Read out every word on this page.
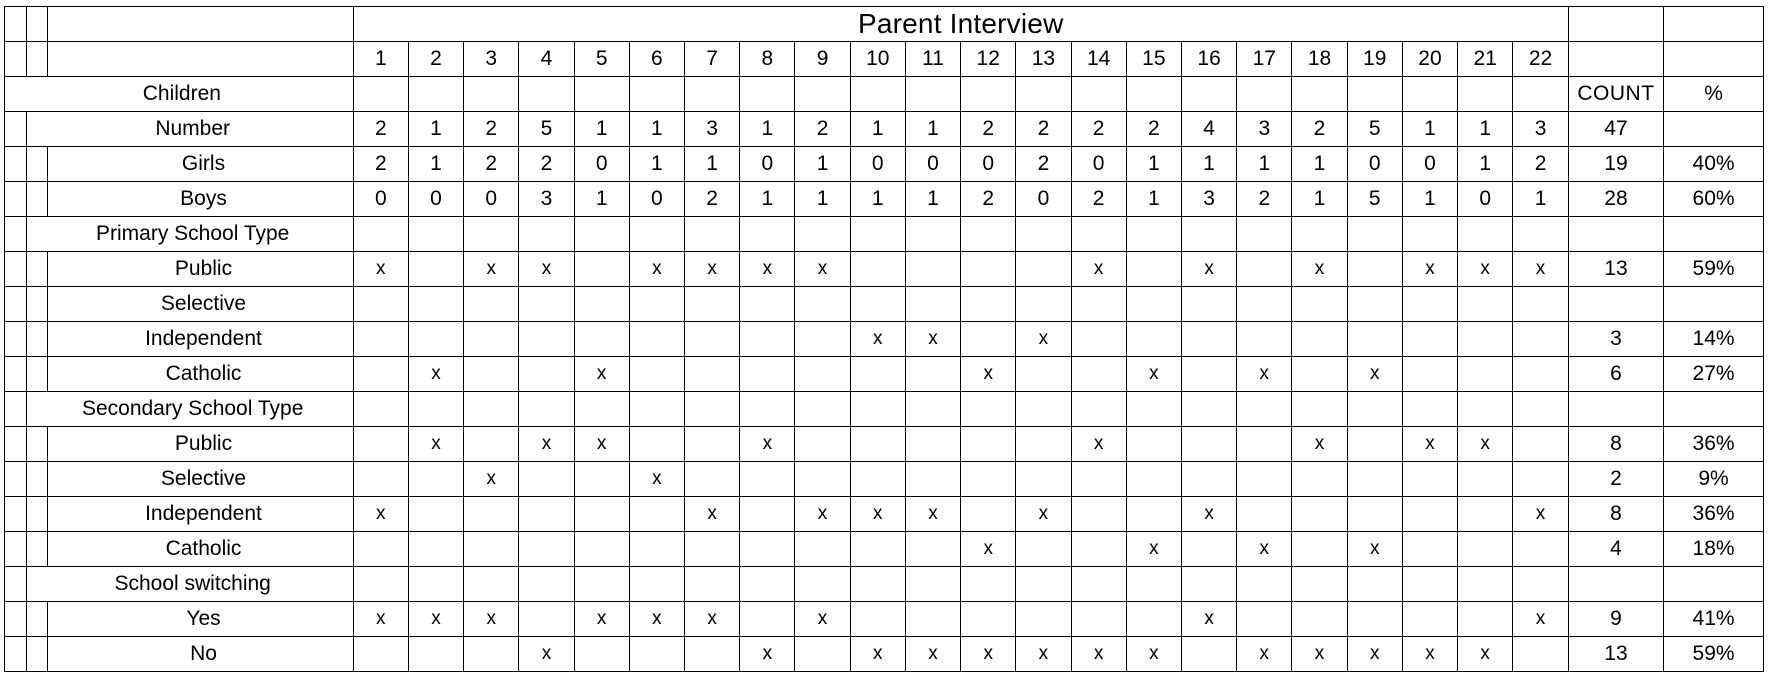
			Parent Interview																							
			1	2	3	4	5	6	7	8	9	10	11	12	13	14	15	16	17	18	19	20	21	22		
Children																									COUNT	%
	Number		2	1	2	5	1	1	3	1	2	1	1	2	2	2	2	4	3	2	5	1	1	3	47	
		Girls	2	1	2	2	0	1	1	0	1	0	0	0	2	0	1	1	1	1	0	0	1	2	19	40%
		Boys	0	0	0	3	1	0	2	1	1	1	1	2	0	2	1	3	2	1	5	1	0	1	28	60%
	Primary School Type																									
		Public	x		x	x		x	x	x	x					x		x		x		x	x	x	13	59%
		Selective																								
		Independent										x	x		x										3	14%
		Catholic		x			x							x			x		x		x				6	27%
	Secondary School Type																									
		Public		x		x	x			x						x				x		x	x		8	36%
		Selective			x			x																	2	9%
		Independent	x						x		x	x	x		x			x						x	8	36%
		Catholic												x			x		x		x				4	18%
	School switching																									
		Yes	x	x	x		x	x	x		x							x						x	9	41%
		No				x				x		x	x	x	x	x	x		x	x	x	x	x		13	59%
